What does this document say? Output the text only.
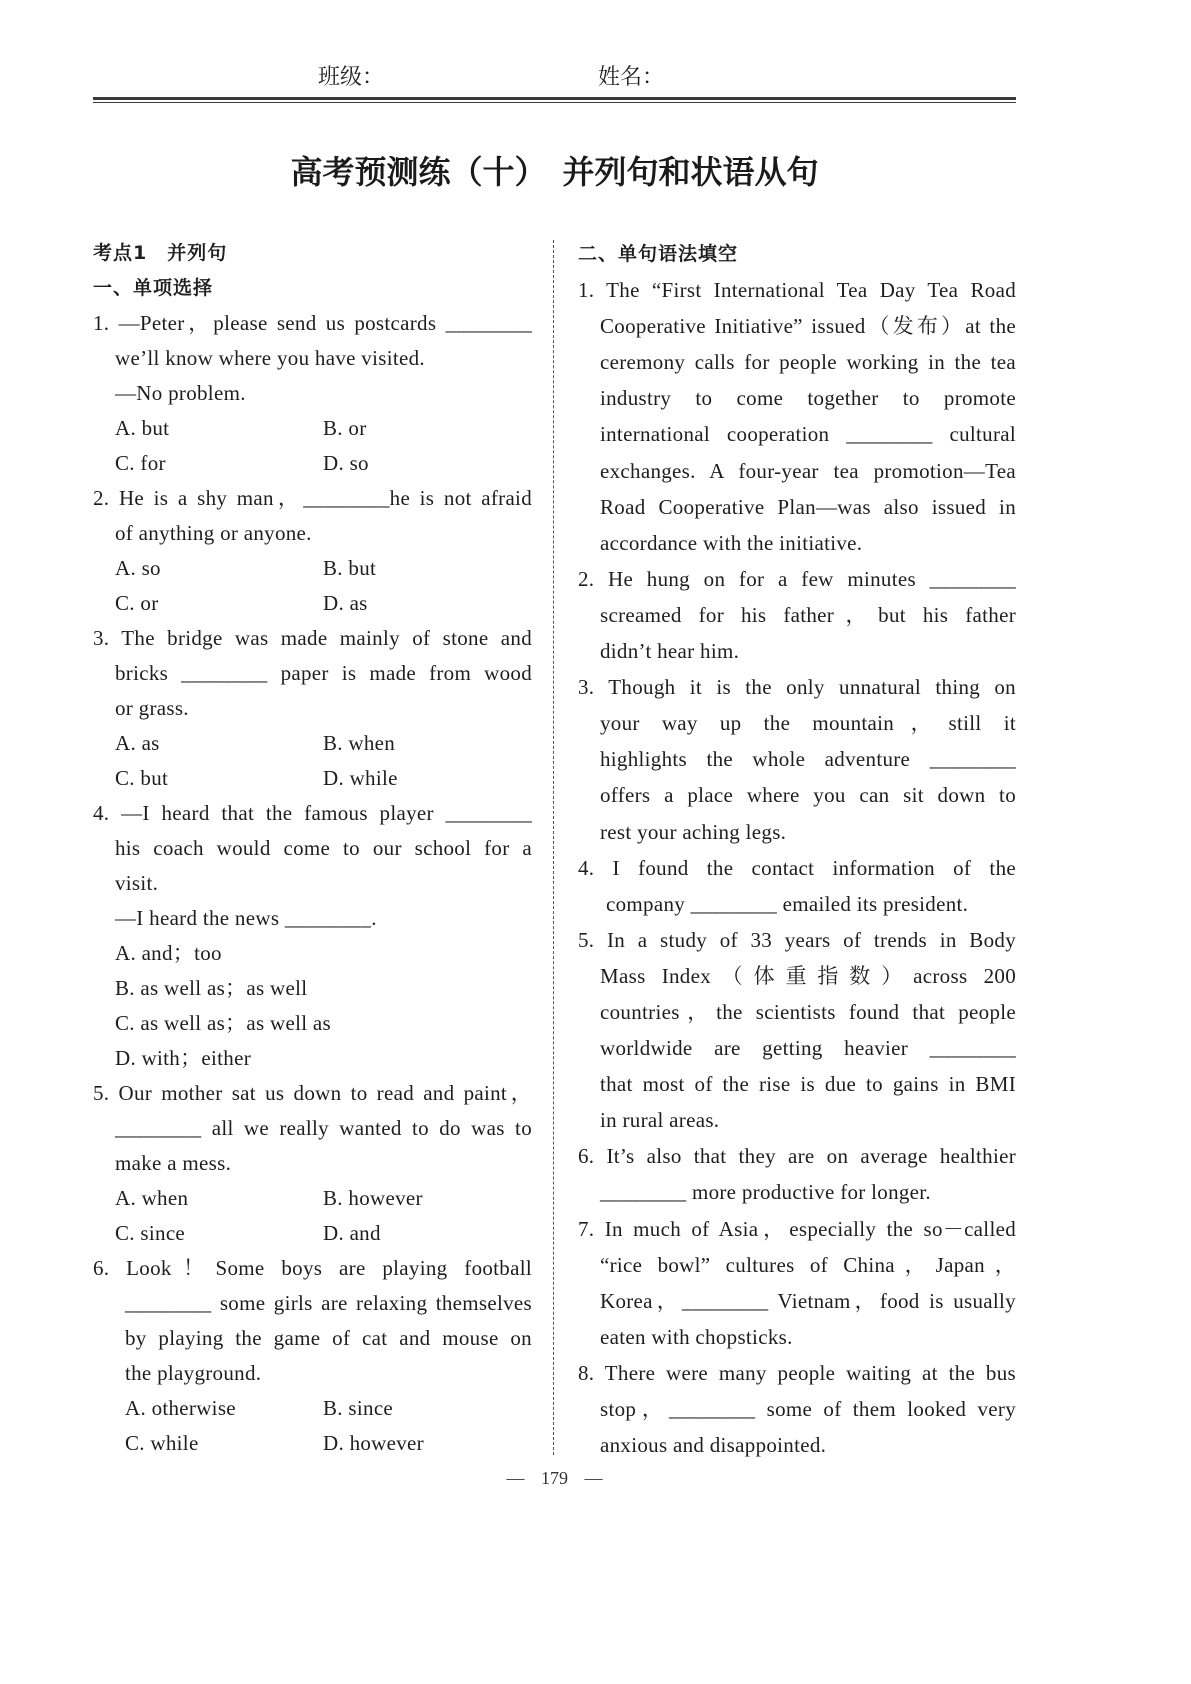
班级：	姓名：
高考预测练（十）　并列句和状语从句
考点1　并列句
一、单项选择
1. —Peter，please send us postcards ________
we’ll know where you have visited.
—No problem.
A. but	B. or
C. for	D. so
2. He is a shy man，________he is not afraid
of anything or anyone.
A. so	B. but
C. or	D. as
3. The bridge was made mainly of stone and
bricks ________ paper is made from wood
or grass.
A. as	B. when
C. but	D. while
4. —I heard that the famous player ________
his coach would come to our school for a
visit.
—I heard the news ________.
A. and；too
B. as well as；as well
C. as well as；as well as
D. with；either
5. Our mother sat us down to read and paint，
________ all we really wanted to do was to
make a mess.
A. when	B. however
C. since	D. and
6. Look！Some boys are playing football
________ some girls are relaxing themselves
by playing the game of cat and mouse on
the playground.
A. otherwise	B. since
C. while	D. however
二、单句语法填空
1. The “First International Tea Day Tea Road
Cooperative Initiative” issued（发布）at the
ceremony calls for people working in the tea
industry to come together to promote
international cooperation ________ cultural
exchanges. A four-year tea promotion—Tea
Road Cooperative Plan—was also issued in
accordance with the initiative.
2. He hung on for a few minutes ________
screamed for his father，but his father
didn’t hear him.
3. Though it is the only unnatural thing on
your way up the mountain，still it
highlights the whole adventure ________
offers a place where you can sit down to
rest your aching legs.
4. I found the contact information of the
company ________ emailed its president.
5. In a study of 33 years of trends in Body
Mass Index（体重指数）across 200
countries，the scientists found that people
worldwide are getting heavier ________
that most of the rise is due to gains in BMI
in rural areas.
6. It’s also that they are on average healthier
________ more productive for longer.
7. In much of Asia，especially the so－called
“rice bowl” cultures of China，Japan，
Korea，________ Vietnam，food is usually
eaten with chopsticks.
8. There were many people waiting at the bus
stop，________ some of them looked very
anxious and disappointed.
— 179 —
